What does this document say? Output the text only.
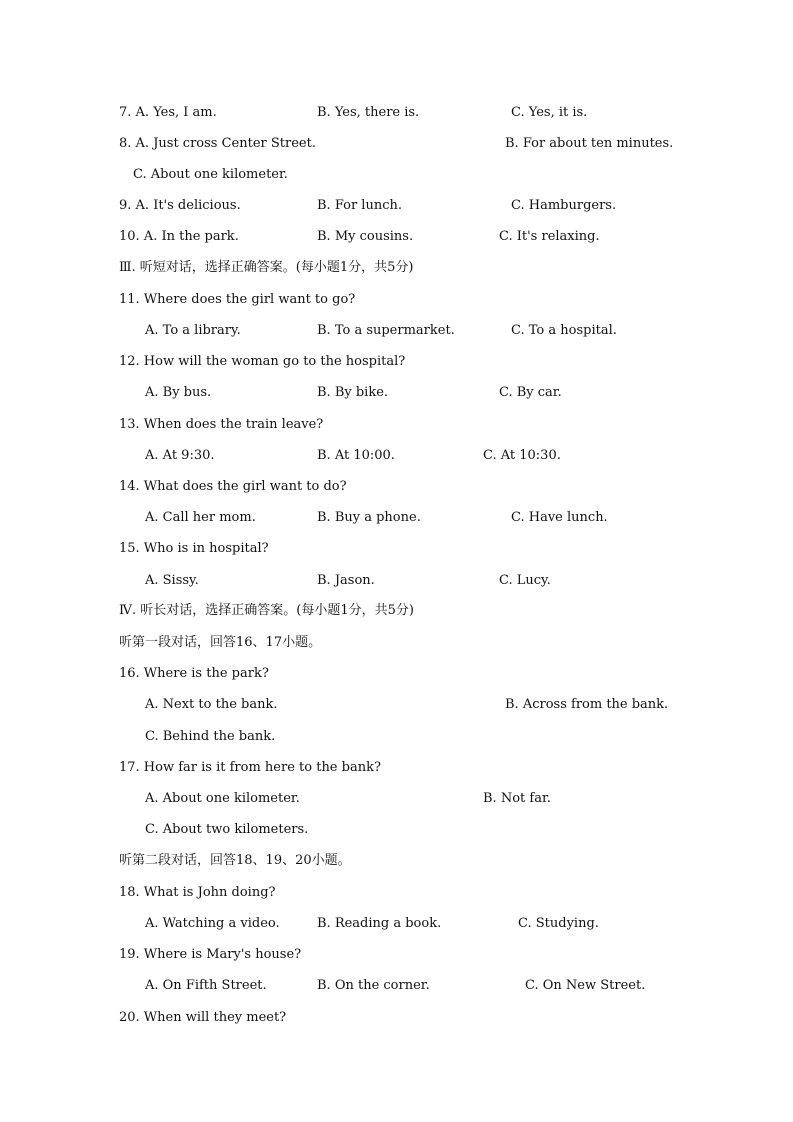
7. A. Yes, I am.

	B. Yes, there is.

	C. Yes, it is.

8. A. Just cross Center Street.

	B. For about ten minutes.

C. About one kilometer.

9. A. It's delicious.

	B. For lunch.

	C. Hamburgers.

10. A. In the park.

	B. My cousins.

	C. It's relaxing.

Ⅲ. 听短对话，选择正确答案。(每小题1分，共5分)

11. Where does the girl want to go?

A. To a library.

	B. To a supermarket.

	C. To a hospital.

12. How will the woman go to the hospital?

A. By bus.

	B. By bike.

	C. By car.

13. When does the train leave?

A. At 9:30.

	B. At 10:00.

	C. At 10:30.

14. What does the girl want to do?

A. Call her mom.

	B. Buy a phone.

	C. Have lunch.

15. Who is in hospital?

A. Sissy.

	B. Jason.

	C. Lucy.

Ⅳ. 听长对话，选择正确答案。(每小题1分，共5分)

听第一段对话，回答16、17小题。

16. Where is the park?

A. Next to the bank.

	B. Across from the bank.

C. Behind the bank.

17. How far is it from here to the bank?

A. About one kilometer.

	B. Not far.

C. About two kilometers.

听第二段对话，回答18、19、20小题。

18. What is John doing?

A. Watching a video.

	B. Reading a book.

	C. Studying.

19. Where is Mary's house?

A. On Fifth Street.

	B. On the corner.

	C. On New Street.

20. When will they meet?
